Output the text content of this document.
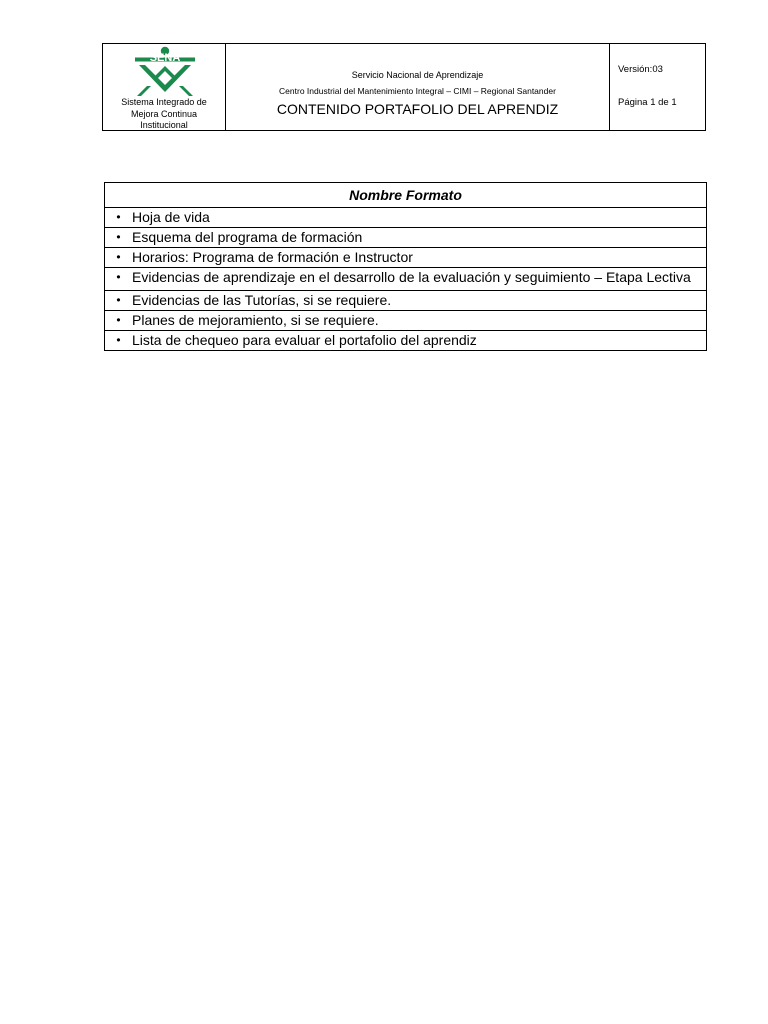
SENA
Sistema Integrado de
Mejora Continua
Institucional
Servicio Nacional de Aprendizaje
Centro Industrial del Mantenimiento Integral – CIMI – Regional Santander
CONTENIDO PORTAFOLIO DEL APRENDIZ
Versión:03
Página 1 de 1
Nombre Formato

• Hoja de vida

• Esquema del programa de formación

• Horarios: Programa de formación e Instructor

• Evidencias de aprendizaje en el desarrollo de la evaluación y seguimiento – Etapa Lectiva

• Evidencias de las Tutorías, si se requiere.

• Planes de mejoramiento, si se requiere.

• Lista de chequeo para evaluar el portafolio del aprendiz
